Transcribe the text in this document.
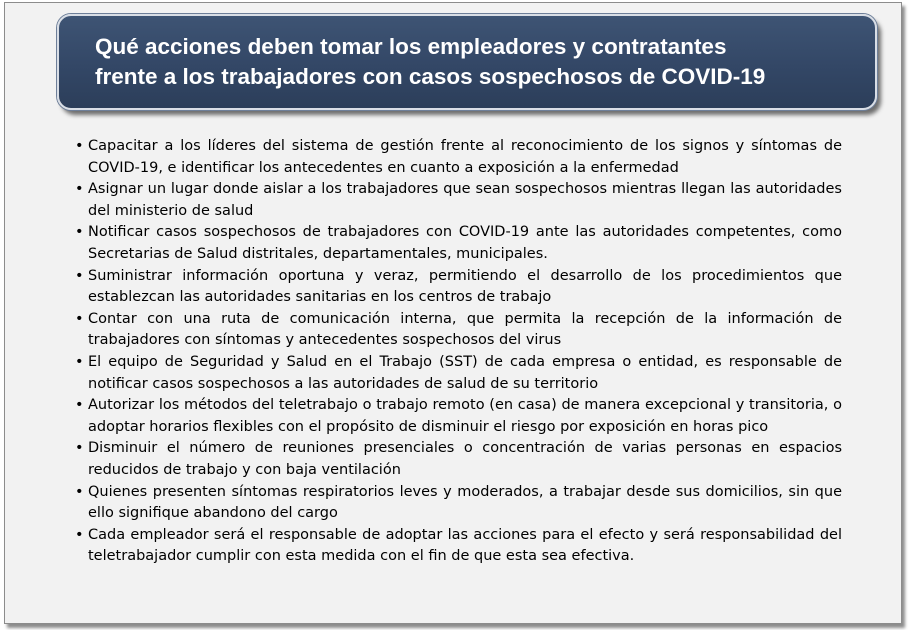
Qué acciones deben tomar los empleadores y contratantes
frente a los trabajadores con casos sospechosos de COVID-19
• Capacitar a los líderes del sistema de gestión frente al reconocimiento de los signos y síntomas de COVID-19, e identificar los antecedentes en cuanto a exposición a la enfermedad
• Asignar un lugar donde aislar a los trabajadores que sean sospechosos mientras llegan las autoridades del ministerio de salud
• Notificar casos sospechosos de trabajadores con COVID-19 ante las autoridades competentes, como Secretarias de Salud distritales, departamentales, municipales.
• Suministrar información oportuna y veraz, permitiendo el desarrollo de los procedimientos que establezcan las autoridades sanitarias en los centros de trabajo
• Contar con una ruta de comunicación interna, que permita la recepción de la información de trabajadores con síntomas y antecedentes sospechosos del virus
• El equipo de Seguridad y Salud en el Trabajo (SST) de cada empresa o entidad, es responsable de notificar casos sospechosos a las autoridades de salud de su territorio
• Autorizar los métodos del teletrabajo o trabajo remoto (en casa) de manera excepcional y transitoria, o adoptar horarios flexibles con el propósito de disminuir el riesgo por exposición en horas pico
• Disminuir el número de reuniones presenciales o concentración de varias personas en espacios reducidos de trabajo y con baja ventilación
• Quienes presenten síntomas respiratorios leves y moderados, a trabajar desde sus domicilios, sin que ello signifique abandono del cargo
• Cada empleador será el responsable de adoptar las acciones para el efecto y será responsabilidad del teletrabajador cumplir con esta medida con el fin de que esta sea efectiva.
